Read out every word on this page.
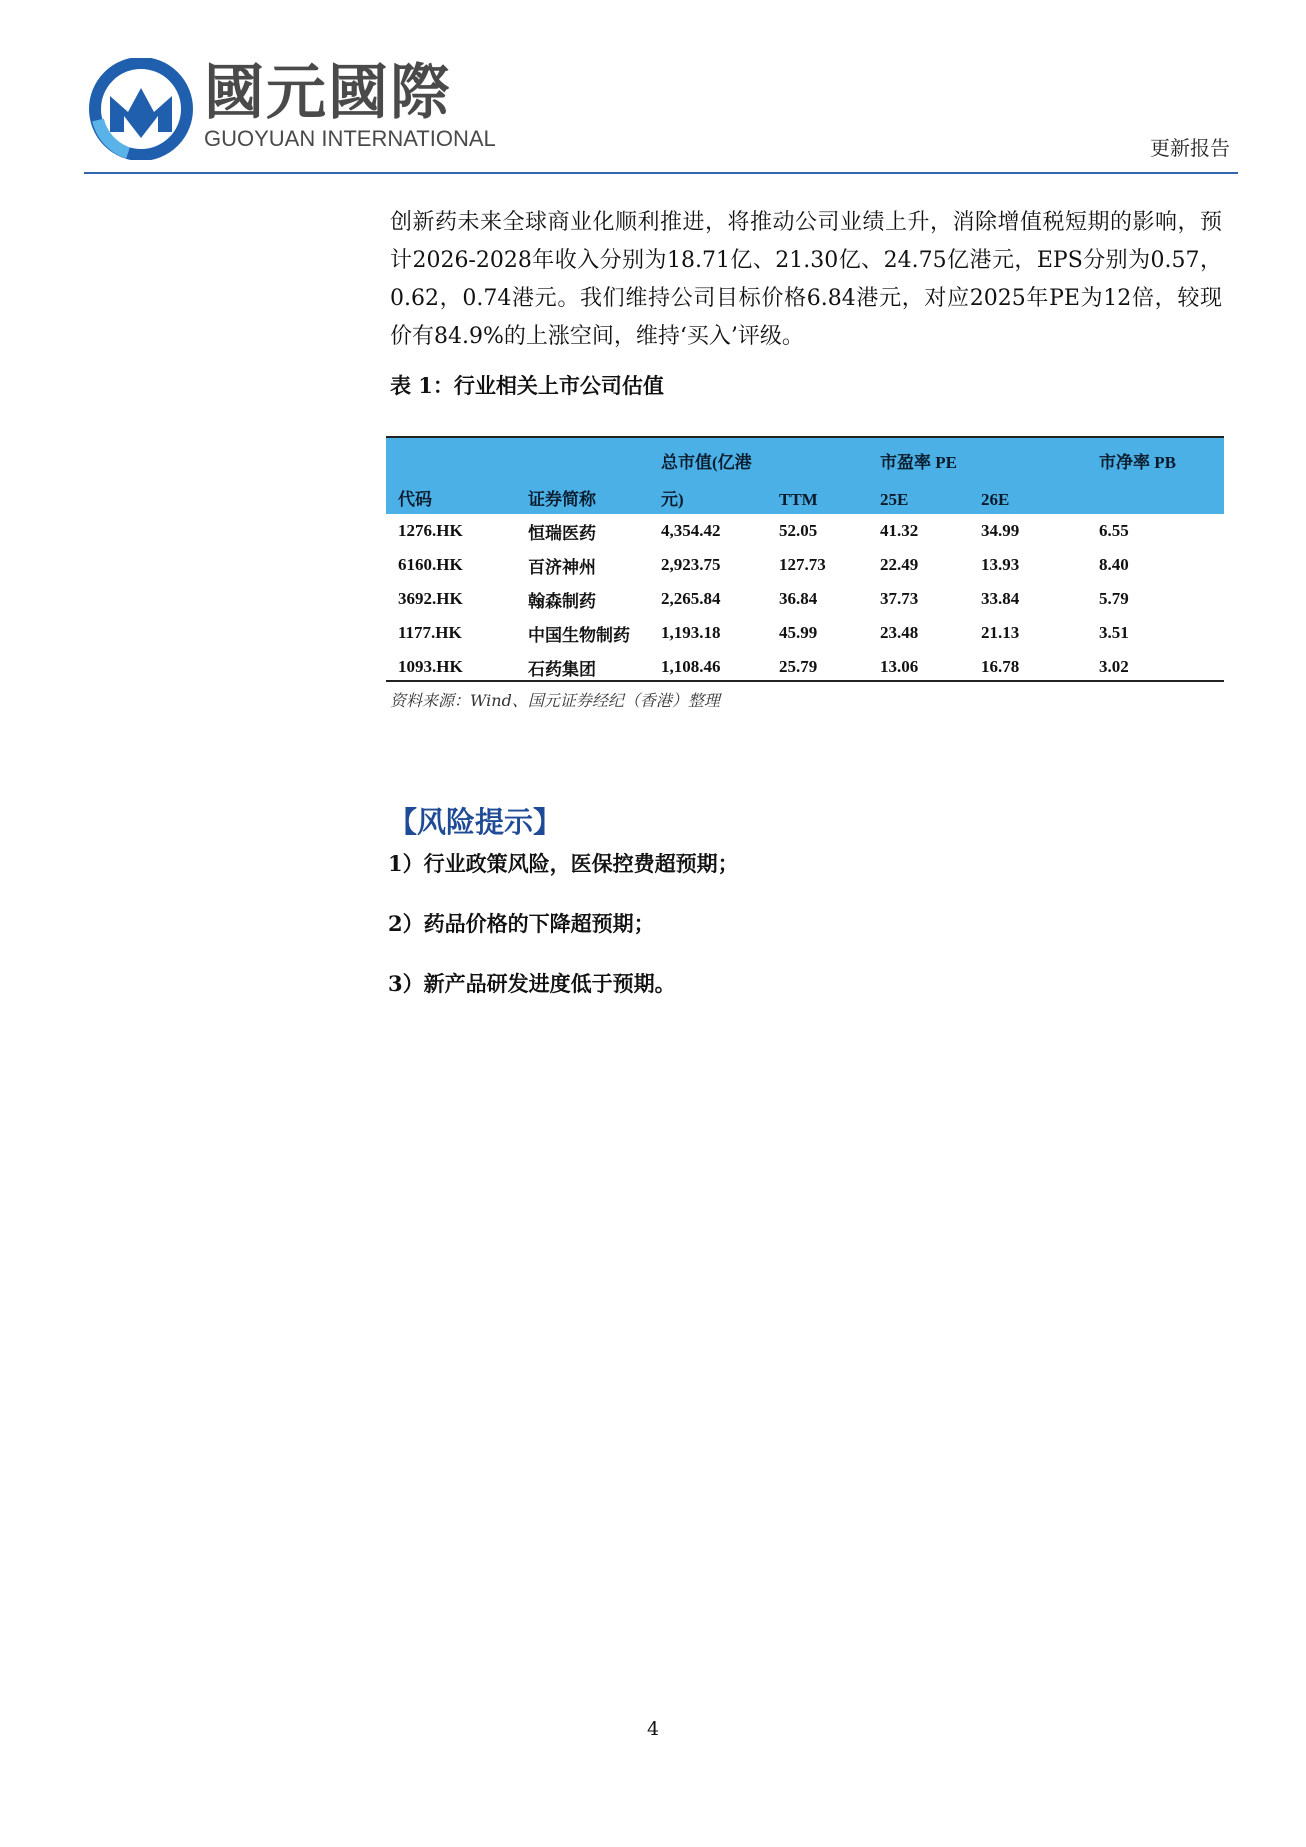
國元國際
GUOYUAN INTERNATIONAL	更新报告
创新药未来全球商业化顺利推进，将推动公司业绩上升，消除增值税短期的影响，预计2026-2028年收入分别为18.71亿、21.30亿、24.75亿港元，EPS分别为0.57，0.62，0.74港元。我们维持公司目标价格6.84港元，对应2025年PE为12倍，较现价有84.9%的上涨空间，维持‘买入’评级。
表 1：行业相关上市公司估值
		总市值(亿港		市盈率 PE		市净率 PB
代码	证券简称	元)	TTM	25E	26E	
1276.HK	恒瑞医药	4,354.42	52.05	41.32	34.99	6.55
6160.HK	百济神州	2,923.75	127.73	22.49	13.93	8.40
3692.HK	翰森制药	2,265.84	36.84	37.73	33.84	5.79
1177.HK	中国生物制药	1,193.18	45.99	23.48	21.13	3.51
1093.HK	石药集团	1,108.46	25.79	13.06	16.78	3.02
资料来源：Wind、国元证券经纪（香港）整理
【风险提示】
1）行业政策风险，医保控费超预期；
2）药品价格的下降超预期；
3）新产品研发进度低于预期。
4
